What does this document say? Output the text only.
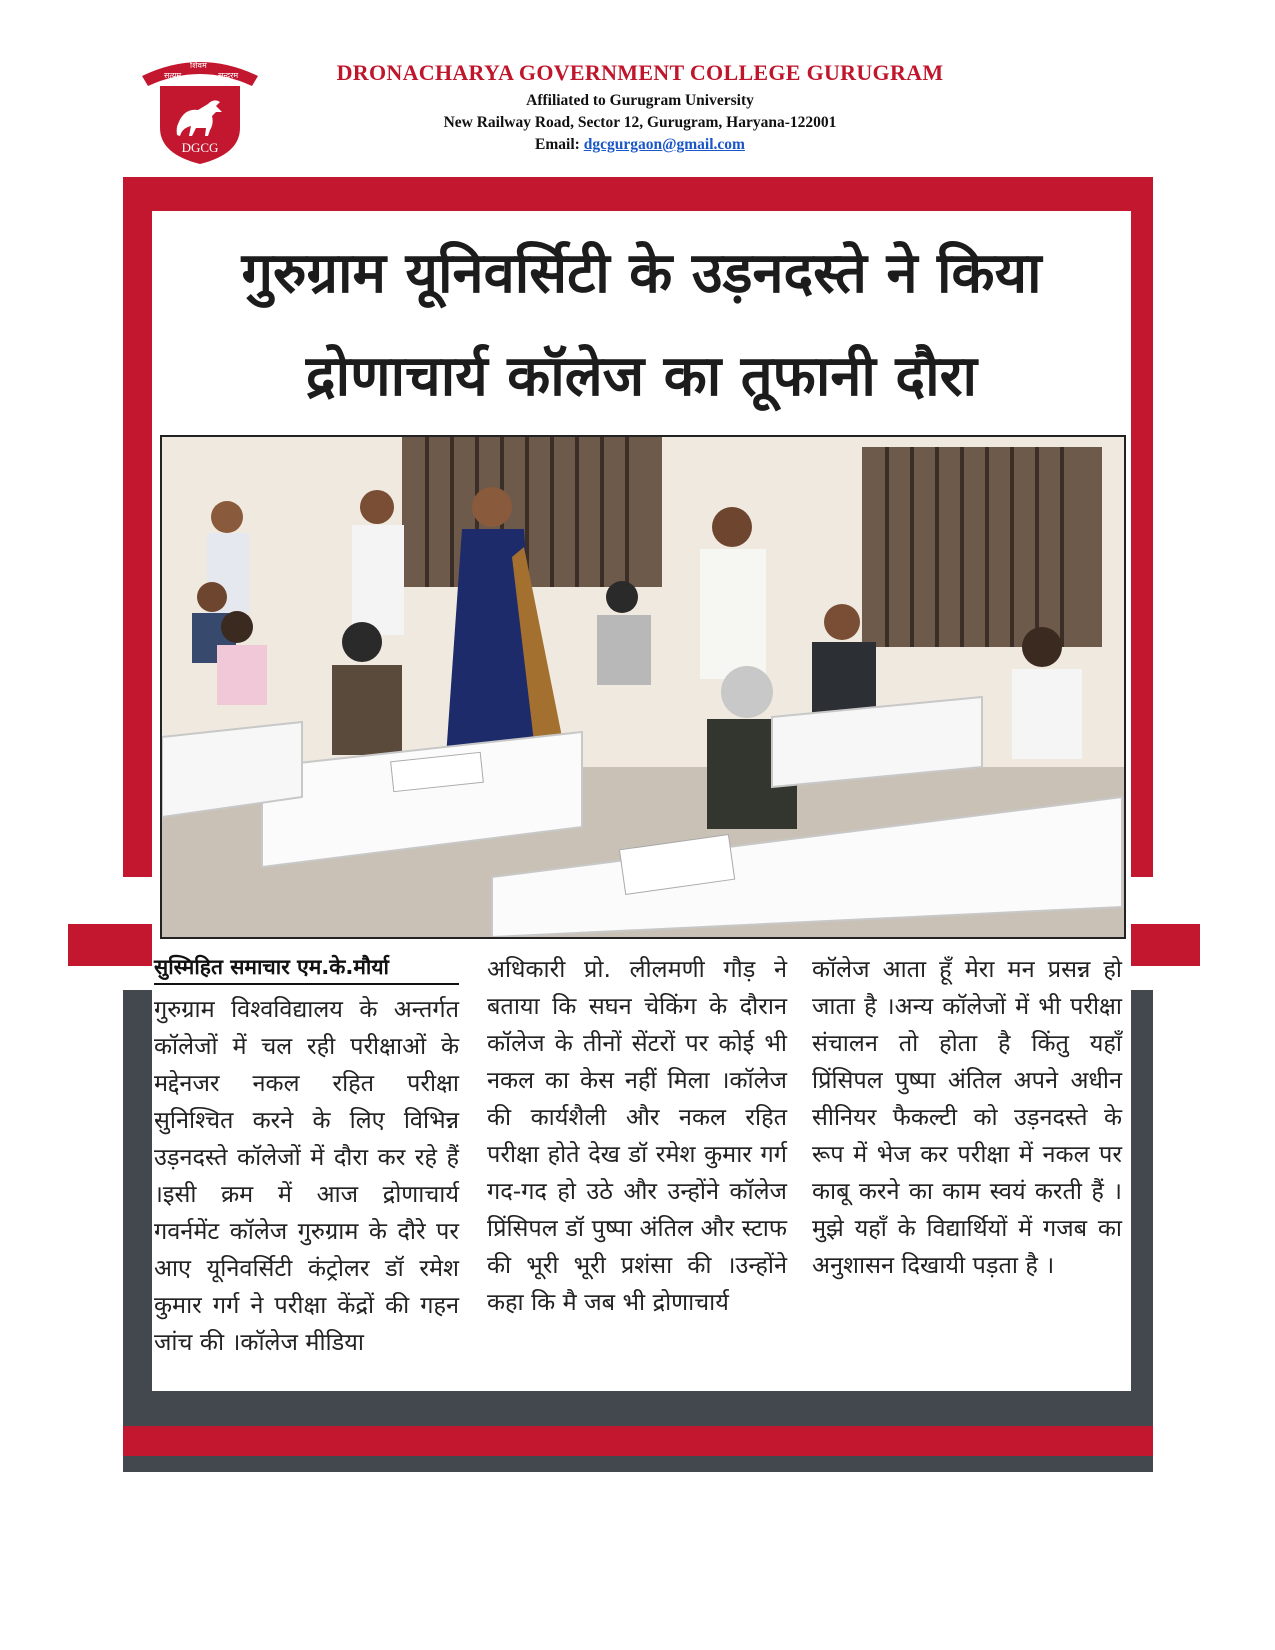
सत्यम
शिवम
सुन्दरम
DGCG
DRONACHARYA GOVERNMENT COLLEGE GURUGRAM
Affiliated to Gurugram University
New Railway Road, Sector 12, Gurugram, Haryana-122001
Email: dgcgurgaon@gmail.com
गुरुग्राम यूनिवर्सिटी के उड़नदस्ते ने किया
द्रोणाचार्य कॉलेज का तूफानी दौरा
सुस्मिहित समाचार एम.के.मौर्या

गुरुग्राम विश्वविद्यालय के अन्तर्गत कॉलेजों में चल रही परीक्षाओं के मद्देनजर नकल रहित परीक्षा सुनिश्चित करने के लिए विभिन्न उड़नदस्ते कॉलेजों में दौरा कर रहे हैं ।इसी क्रम में आज द्रोणाचार्य गवर्नमेंट कॉलेज गुरुग्राम के दौरे पर आए यूनिवर्सिटी कंट्रोलर डॉ रमेश कुमार गर्ग ने परीक्षा केंद्रों की गहन जांच की ।कॉलेज मीडिया

अधिकारी प्रो. लीलमणी गौड़ ने बताया कि सघन चेकिंग के दौरान कॉलेज के तीनों सेंटरों पर कोई भी नकल का केस नहीं मिला ।कॉलेज की कार्यशैली और नकल रहित परीक्षा होते देख डॉ रमेश कुमार गर्ग गद-गद हो उठे और उन्होंने कॉलेज प्रिंसिपल डॉ पुष्पा अंतिल और स्टाफ की भूरी भूरी प्रशंसा की ।उन्होंने कहा कि मै जब भी द्रोणाचार्य

कॉलेज आता हूँ मेरा मन प्रसन्न हो जाता है ।अन्य कॉलेजों में भी परीक्षा संचालन तो होता है किंतु यहाँ प्रिंसिपल पुष्पा अंतिल अपने अधीन सीनियर फैकल्टी को उड़नदस्ते के रूप में भेज कर परीक्षा में नकल पर काबू करने का काम स्वयं करती हैं ।मुझे यहाँ के विद्यार्थियों में गजब का अनुशासन दिखायी पड़ता है ।
